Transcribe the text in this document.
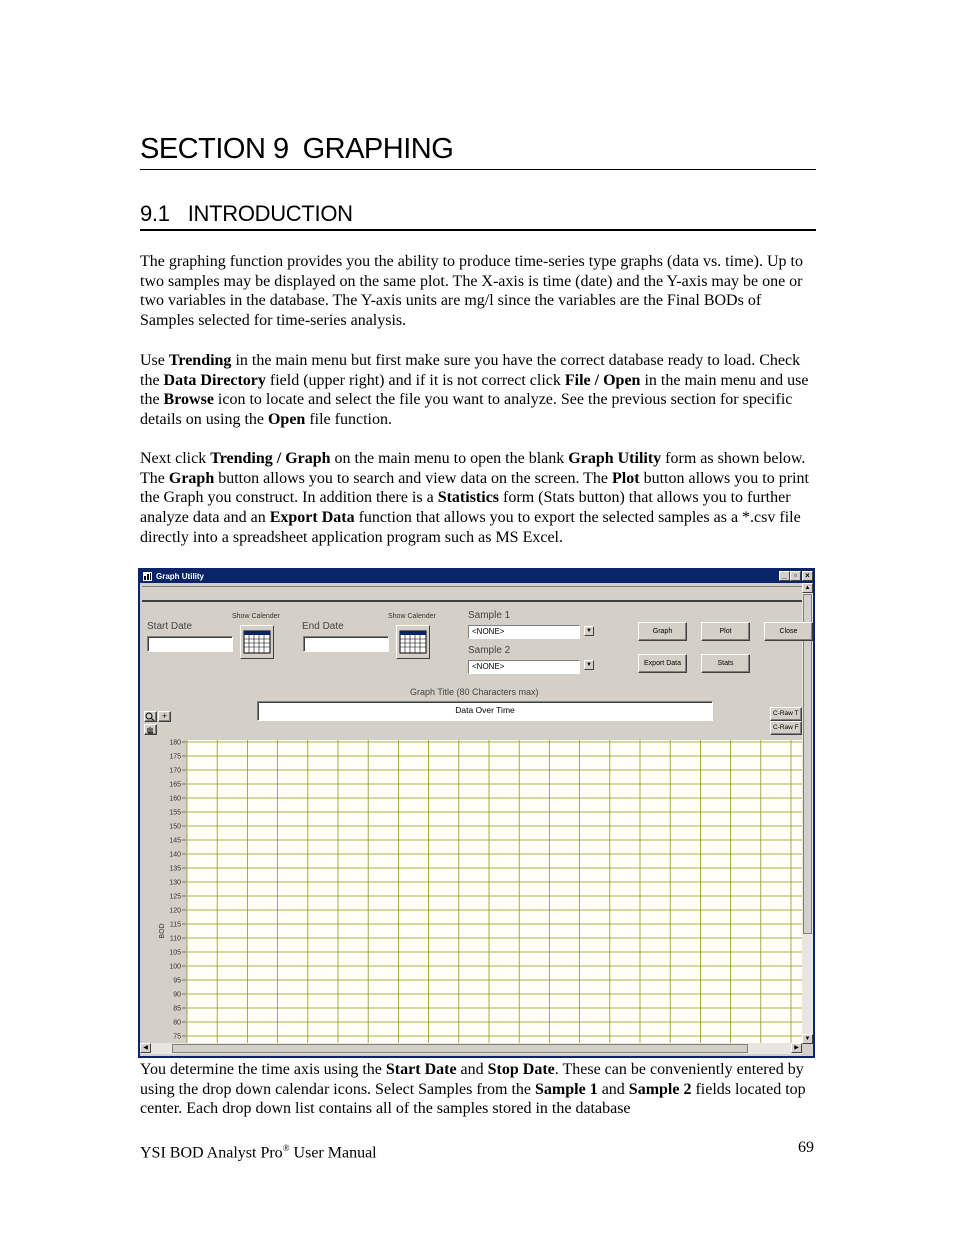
SECTION 9 GRAPHING
9.1 INTRODUCTION

The graphing function provides you the ability to produce time-series type graphs (data vs. time). Up to two samples may be displayed on the same plot. The X-axis is time (date) and the Y-axis may be one or two variables in the database. The Y-axis units are mg/l since the variables are the Final BODs of Samples selected for time-series analysis.

Use Trending in the main menu but first make sure you have the correct database ready to load. Check the Data Directory field (upper right) and if it is not correct click File / Open in the main menu and use the Browse icon to locate and select the file you want to analyze. See the previous section for specific details on using the Open file function.

Next click Trending / Graph on the main menu to open the blank Graph Utility form as shown below. The Graph button allows you to search and view data on the screen. The Plot button allows you to print the Graph you construct. In addition there is a Statistics form (Stats button) that allows you to further analyze data and an Export Data function that allows you to export the selected samples as a *.csv file directly into a spreadsheet application program such as MS Excel.

Graph Utility	_ ▫	×
▲
▼
Start Date
Show Calender
End Date
Show Calender	Sample 1
<NONE>	▼
Sample 2
<NONE>	▼
Graph	Plot	Close
Export Data	Stats
Graph Title (80 Characters max)
Data Over Time	C-Raw T
C-Raw F
+
180
175
170
165
160
155
150
145
140
135
130
125
120
115
110
105
100
95
90
85
80
75
BOD
◀	▶

You determine the time axis using the Start Date and Stop Date. These can be conveniently entered by using the drop down calendar icons. Select Samples from the Sample 1 and Sample 2 fields located top center. Each drop down list contains all of the samples stored in the database

YSI BOD Analyst Pro® User Manual	69
